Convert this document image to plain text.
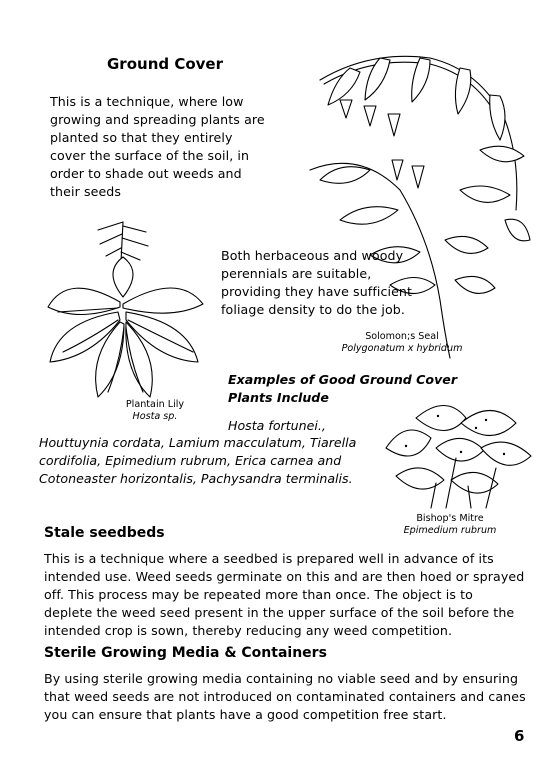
Ground Cover
This is a technique, where low
growing and spreading plants are
planted so that they entirely
cover the surface of the soil, in
order to shade out weeds and
their seeds
Both herbaceous and woody
perennials are suitable,
providing they have sufficient
foliage density to do the job.
Solomon;s Seal
Polygonatum x hybridum
Plantain Lily
Hosta sp.
Examples of Good Ground Cover
Plants Include
Hosta fortunei.,
Houttuynia cordata, Lamium macculatum, Tiarella
cordifolia, Epimedium rubrum, Erica carnea and
Cotoneaster horizontalis, Pachysandra terminalis.
Bishop's Mitre
Epimedium rubrum
Stale seedbeds
This is a technique where a seedbed is prepared well in advance of its
intended use. Weed seeds germinate on this and are then hoed or sprayed
off. This process may be repeated more than once. The object is to
deplete the weed seed present in the upper surface of the soil before the
intended crop is sown, thereby reducing any weed competition.
Sterile Growing Media & Containers
By using sterile growing media containing no viable seed and by ensuring
that weed seeds are not introduced on contaminated containers and canes
you can ensure that plants have a good competition free start.
6
